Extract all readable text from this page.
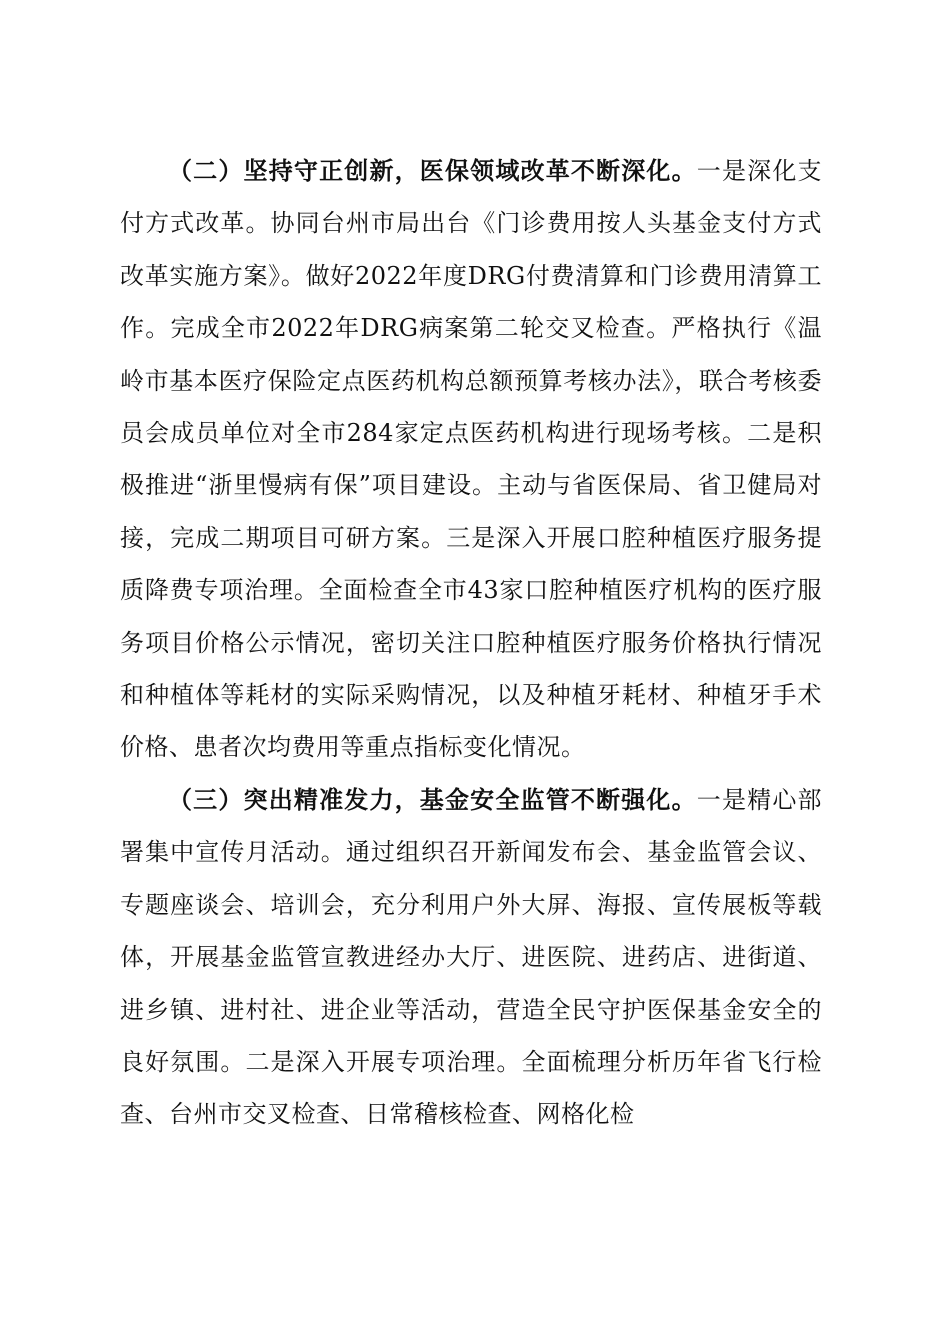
（二）坚持守正创新，医保领域改革不断深化。一是深化支付方式改革。协同台州市局出台《门诊费用按人头基金支付方式改革实施方案》。做好2022年度DRG付费清算和门诊费用清算工作。完成全市2022年DRG病案第二轮交叉检查。严格执行《温岭市基本医疗保险定点医药机构总额预算考核办法》，联合考核委员会成员单位对全市284家定点医药机构进行现场考核。二是积极推进“浙里慢病有保”项目建设。主动与省医保局、省卫健局对接，完成二期项目可研方案。三是深入开展口腔种植医疗服务提质降费专项治理。全面检查全市43家口腔种植医疗机构的医疗服务项目价格公示情况，密切关注口腔种植医疗服务价格执行情况和种植体等耗材的实际采购情况，以及种植牙耗材、种植牙手术价格、患者次均费用等重点指标变化情况。

（三）突出精准发力，基金安全监管不断强化。一是精心部署集中宣传月活动。通过组织召开新闻发布会、基金监管会议、专题座谈会、培训会，充分利用户外大屏、海报、宣传展板等载体，开展基金监管宣教进经办大厅、进医院、进药店、进街道、进乡镇、进村社、进企业等活动，营造全民守护医保基金安全的良好氛围。二是深入开展专项治理。全面梳理分析历年省飞行检查、台州市交叉检查、日常稽核检查、网格化检
